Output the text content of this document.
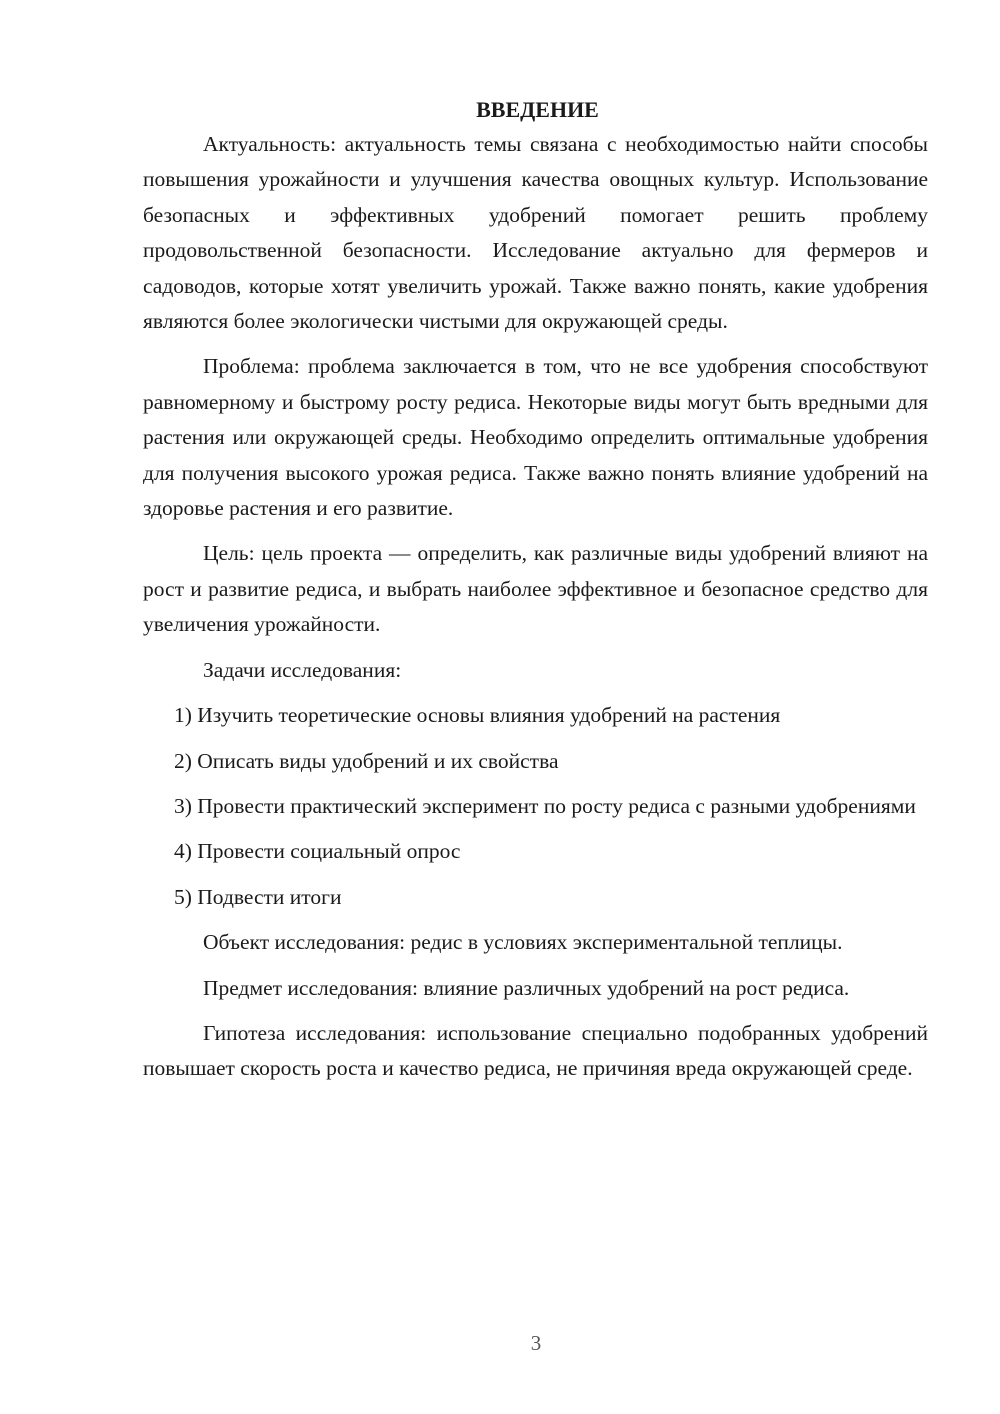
ВВЕДЕНИЕ

Актуальность: актуальность темы связана с необходимостью найти способы повышения урожайности и улучшения качества овощных культур. Использование безопасных и эффективных удобрений помогает решить проблему продовольственной безопасности. Исследование актуально для фермеров и садоводов, которые хотят увеличить урожай. Также важно понять, какие удобрения являются более экологически чистыми для окружающей среды.

Проблема: проблема заключается в том, что не все удобрения способствуют равномерному и быстрому росту редиса. Некоторые виды могут быть вредными для растения или окружающей среды. Необходимо определить оптимальные удобрения для получения высокого урожая редиса. Также важно понять влияние удобрений на здоровье растения и его развитие.

Цель: цель проекта — определить, как различные виды удобрений влияют на рост и развитие редиса, и выбрать наиболее эффективное и безопасное средство для увеличения урожайности.

Задачи исследования:

1) Изучить теоретические основы влияния удобрений на растения

2) Описать виды удобрений и их свойства

3) Провести практический эксперимент по росту редиса с разными удобрениями

4) Провести социальный опрос

5) Подвести итоги

Объект исследования: редис в условиях экспериментальной теплицы.

Предмет исследования: влияние различных удобрений на рост редиса.

Гипотеза исследования: использование специально подобранных удобрений повышает скорость роста и качество редиса, не причиняя вреда окружающей среде.

3
